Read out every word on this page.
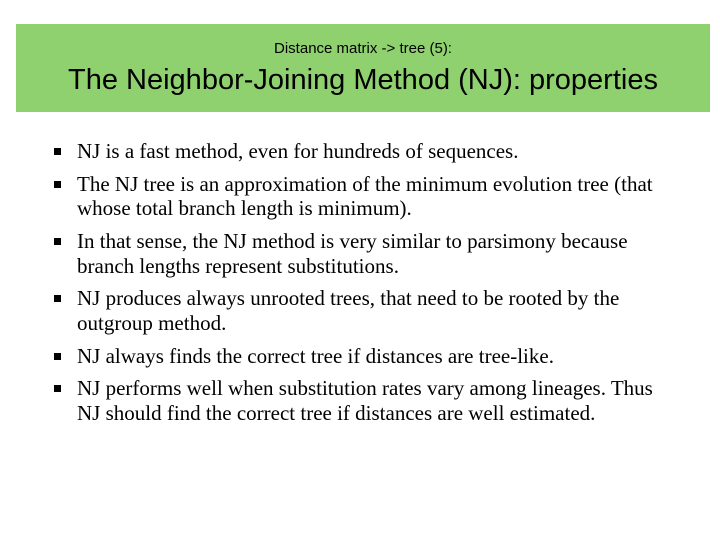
Distance matrix -> tree (5):
The Neighbor-Joining Method (NJ): properties
NJ is a fast method, even for hundreds of sequences.
The NJ tree is an approximation of the minimum evolution tree (that whose total branch length is minimum).
In that sense, the NJ method is very similar to parsimony because branch lengths represent substitutions.
NJ produces always unrooted trees, that need to be rooted by the outgroup method.
NJ always finds the correct tree if distances are tree-like.
NJ performs well when substitution rates vary among lineages. Thus NJ should find the correct tree if distances are well estimated.
